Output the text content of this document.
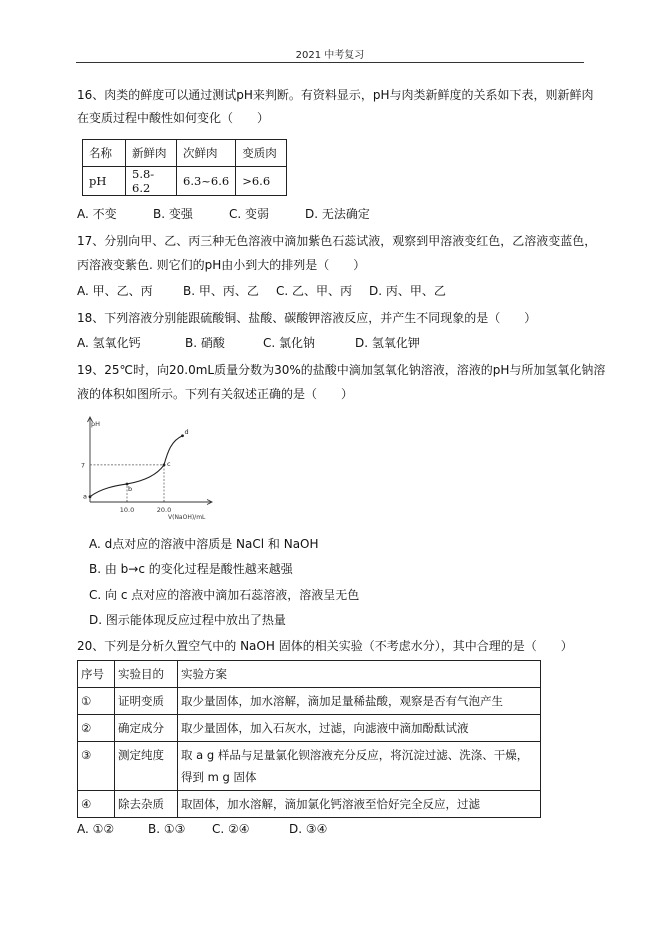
2021 中考复习
16、肉类的鲜度可以通过测试pH来判断。有资料显示，pH与肉类新鲜度的关系如下表，则新鲜肉
在变质过程中酸性如何变化（　　）
名称	新鲜肉	次鲜肉	变质肉
pH	5.8-6.2	6.3~6.6	>6.6
A. 不变	B. 变强	C. 变弱	D. 无法确定
17、分别向甲、乙、丙三种无色溶液中滴加紫色石蕊试液，观察到甲溶液变红色，乙溶液变蓝色，
丙溶液变紫色. 则它们的pH由小到大的排列是（　　）
A. 甲、乙、丙	B. 甲、丙、乙 C. 乙、甲、丙 D. 丙、甲、乙
18、下列溶液分别能跟硫酸铜、盐酸、碳酸钾溶液反应，并产生不同现象的是（　　）
A. 氢氧化钙	B. 硝酸	C. 氯化钠	D. 氢氧化钾
19、25℃时，向20.0mL质量分数为30%的盐酸中滴加氢氧化钠溶液，溶液的pH与所加氢氧化钠溶
液的体积如图所示。下列有关叙述正确的是（　　）
pH
V(NaOH)/mL
10.0	20.0
7
a
b
c
d
A. d点对应的溶液中溶质是 NaCl 和 NaOH
B. 由 b→c 的变化过程是酸性越来越强
C. 向 c 点对应的溶液中滴加石蕊溶液，溶液呈无色
D. 图示能体现反应过程中放出了热量
20、下列是分析久置空气中的 NaOH 固体的相关实验（不考虑水分），其中合理的是（　　）
序号	实验目的	实验方案
①	证明变质	取少量固体，加水溶解，滴加足量稀盐酸，观察是否有气泡产生
②	确定成分	取少量固体，加入石灰水，过滤，向滤液中滴加酚酞试液
③	测定纯度	取 a g 样品与足量氯化钡溶液充分反应，将沉淀过滤、洗涤、干燥，得到 m g 固体
④	除去杂质	取固体，加水溶解，滴加氯化钙溶液至恰好完全反应，过滤
A. ①②	B. ①③ C. ②④	D. ③④
